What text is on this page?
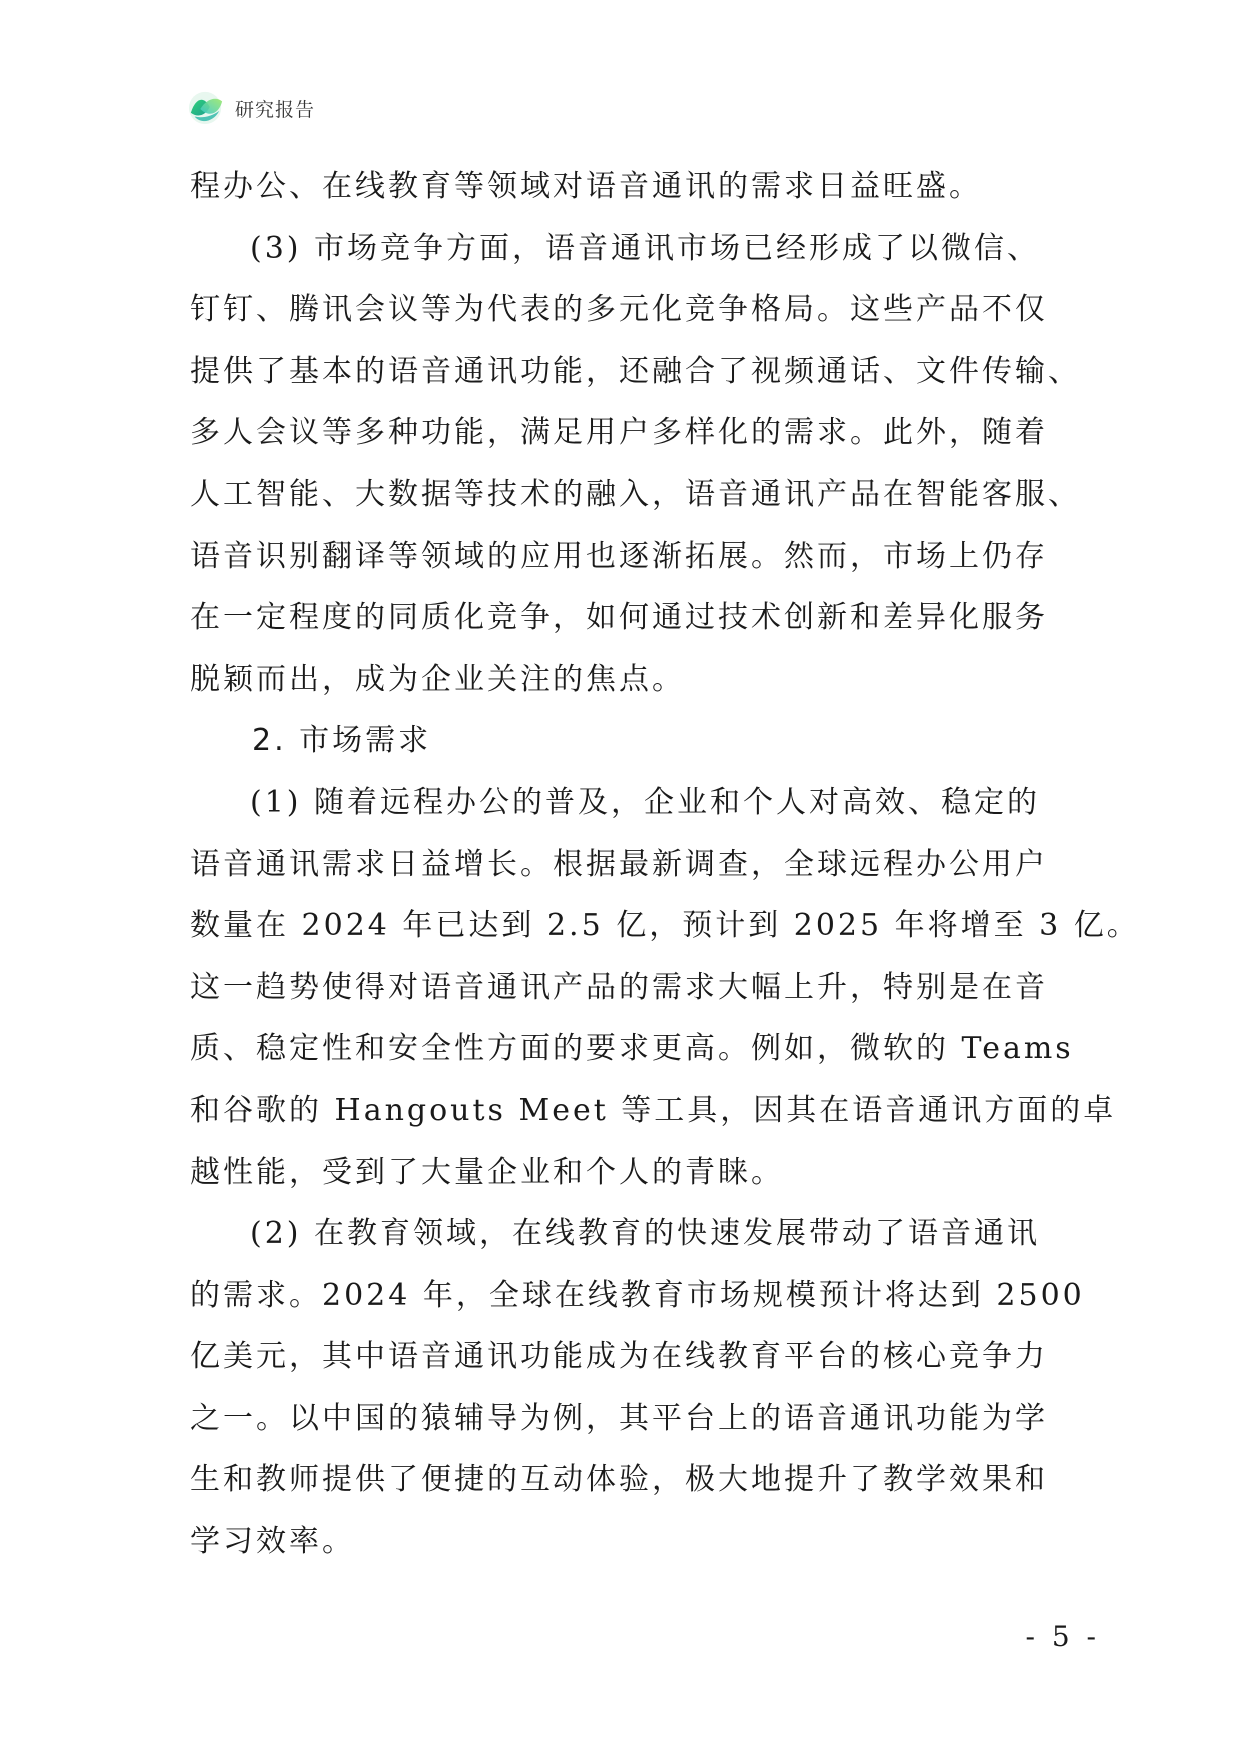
研究报告
程办公、在线教育等领域对语音通讯的需求日益旺盛。
(3) 市场竞争方面，语音通讯市场已经形成了以微信、
钉钉、腾讯会议等为代表的多元化竞争格局。这些产品不仅
提供了基本的语音通讯功能，还融合了视频通话、文件传输、
多人会议等多种功能，满足用户多样化的需求。此外，随着
人工智能、大数据等技术的融入，语音通讯产品在智能客服、
语音识别翻译等领域的应用也逐渐拓展。然而，市场上仍存
在一定程度的同质化竞争，如何通过技术创新和差异化服务
脱颖而出，成为企业关注的焦点。
2. 市场需求
(1) 随着远程办公的普及，企业和个人对高效、稳定的
语音通讯需求日益增长。根据最新调查，全球远程办公用户
数量在 2024 年已达到 2.5 亿，预计到 2025 年将增至 3 亿。
这一趋势使得对语音通讯产品的需求大幅上升，特别是在音
质、稳定性和安全性方面的要求更高。例如，微软的 Teams
和谷歌的 Hangouts Meet 等工具，因其在语音通讯方面的卓
越性能，受到了大量企业和个人的青睐。
(2) 在教育领域，在线教育的快速发展带动了语音通讯
的需求。2024 年，全球在线教育市场规模预计将达到 2500
亿美元，其中语音通讯功能成为在线教育平台的核心竞争力
之一。以中国的猿辅导为例，其平台上的语音通讯功能为学
生和教师提供了便捷的互动体验，极大地提升了教学效果和
学习效率。
- 5 -
